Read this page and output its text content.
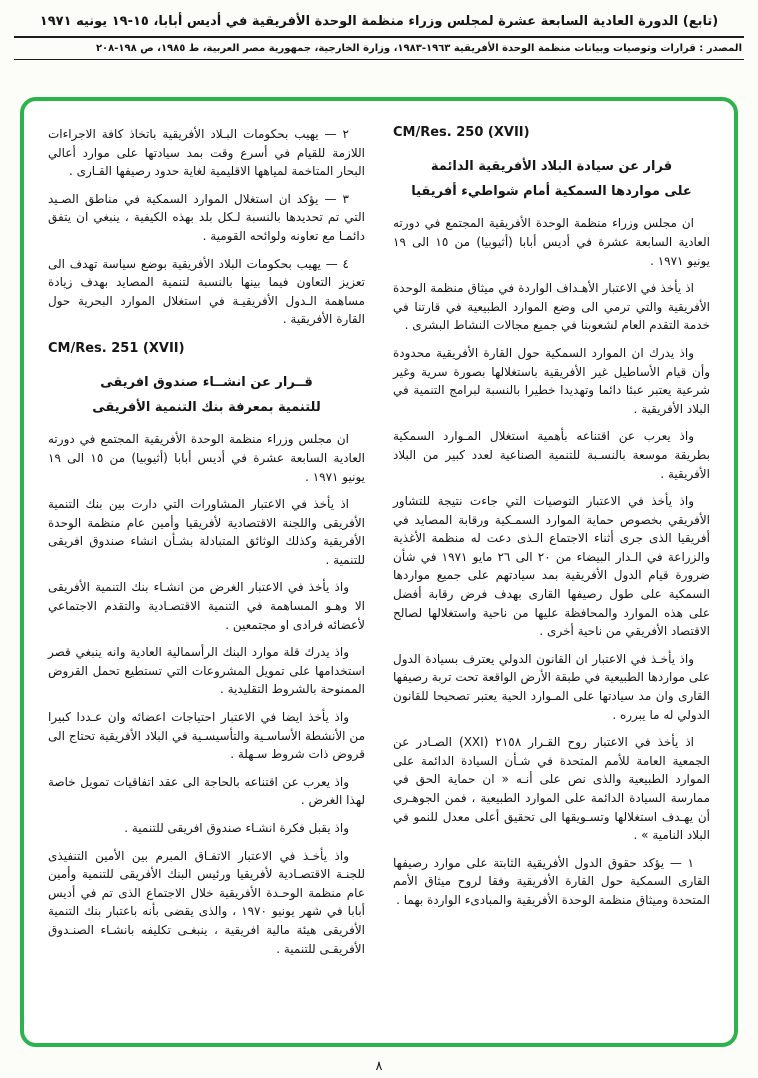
(تابع) الدورة العادية السابعة عشرة لمجلس وزراء منظمة الوحدة الأفريقية في أديس أبابا، ١٥-١٩ يونيه ١٩٧١
المصدر : قرارات وتوصيات وبيانات منظمة الوحدة الأفريقية ١٩٦٣-١٩٨٣، وزارة الخارجية، جمهورية مصر العربية، ط ١٩٨٥، ص ١٩٨-٢٠٨
CM/Res. 250 (XVII)
قرار عن سيادة البلاد الأفريقية الدائمة
على مواردها السمكية أمام شواطيء أفريقيا

ان مجلس وزراء منظمة الوحدة الأفريقية المجتمع في دورته العادية السابعة عشرة في أديس أبابا (أثيوبيا) من ١٥ الى ١٩ يونيو ١٩٧١ .

اذ يأخذ في الاعتبار الأهـداف الواردة في ميثاق منظمة الوحدة الأفريقية والتي ترمي الى وضع الموارد الطبيعية في قارتنا في خدمة التقدم العام لشعوبنا في جميع مجالات النشاط البشرى .

واذ يدرك ان الموارد السمكية حول القارة الأفريقية محدودة وأن قيام الأساطيل غير الأفريقية باستغلالها بصورة سرية وغير شرعية يعتبر عبئا دائما وتهديدا خطيرا بالنسبة لبرامج التنمية في البلاد الأفريقية .

واذ يعرب عن اقتناعه بأهمية استغلال المـوارد السمكية بطريقة موسعة بالنسـبة للتنمية الصناعية لعدد كبير من البلاد الأفريقية .

واذ يأخذ في الاعتبار التوصيات التي جاءت نتيجة للتشاور الأفريقي بخصوص حماية الموارد السمـكية ورقابة المصايد في أفريقيا الذى جرى أثناء الاجتماع الـذى دعت له منظمة الأغذية والزراعة في الـدار البيضاء من ٢٠ الى ٢٦ مايو ١٩٧١ في شأن ضرورة قيام الدول الأفريقية بمد سيادتهم على جميع مواردها السمكية على طول رصيفها القارى بهدف فرض رقابة أفضل على هذه الموارد والمحافظة عليها من ناحية واستغلالها لصالح الاقتصاد الأفريقي من ناحية أخرى .

واذ يأخـذ في الاعتبار ان القانون الدولي يعترف بسيادة الدول على مواردها الطبيعية في طبقة الأرض الواقعة تحت تربة رصيفها القارى وان مد سيادتها على المـوارد الحية يعتبر تصحيحا للقانون الدولي له ما يبرره .

اذ يأخذ في الاعتبار روح القـرار ٢١٥٨ (XXI) الصـادر عن الجمعية العامة للأمم المتحدة في شـأن السيادة الدائمة على الموارد الطبيعية والذى نص على أنـه « ان حماية الحق في ممارسة السيادة الدائمة على الموارد الطبيعية ، فمن الجوهـرى أن يهـدف استغلالها وتسـويقها الى تحقيق أعلى معدل للنمو في البلاد النامية » .

١ — يؤكد حقوق الدول الأفريقية الثابتة على موارد رصيفها القارى السمكية حول القارة الأفريقية وفقا لروح ميثاق الأمم المتحدة وميثاق منظمة الوحدة الأفريقية والمبادىء الواردة بهما .

٢ — يهيب بحكومات البـلاد الأفريقية باتخاذ كافة الاجراءات اللازمة للقيام في أسرع وقت بمد سيادتها على موارد أعالي البحار المتاخمة لمياهها الاقليمية لغاية حدود رصيفها القـارى .

٣ — يؤكد ان استغلال الموارد السمكية في مناطق الصـيد التي تم تحديدها بالنسبة لـكل بلد بهذه الكيفية ، ينبغي ان يتفق دائمـا مع تعاونه ولوائحه القومية .

٤ — يهيب بحكومات البلاد الأفريقية بوضع سياسة تهدف الى تعزيز التعاون فيما بينها بالنسبة لتنمية المصايد بهدف زيادة مساهمة الـدول الأفريقيـة في استغلال الموارد البحرية حول القارة الأفريقية .

CM/Res. 251 (XVII)
قــرار عن انشــاء صندوق افريقى
للتنمية بمعرفة بنك التنمية الأفريقى

ان مجلس وزراء منظمة الوحدة الأفريقية المجتمع في دورته العادية السابعة عشرة في أديس أبابا (أثيوبيا) من ١٥ الى ١٩ يونيو ١٩٧١ .

اذ يأخذ في الاعتبار المشاورات التي دارت بين بنك التنمية الأفريقى واللجنة الاقتصادية لأفريقيا وأمين عام منظمة الوحدة الأفريقية وكذلك الوثائق المتبادلة بشـأن انشاء صندوق افريقى للتنمية .

واذ يأخذ في الاعتبار الغرض من انشـاء بنك التنمية الأفريقى الا وهـو المساهمة في التنمية الاقتصـادية والتقدم الاجتماعي لأعضائه فرادى او مجتمعين .

واذ يدرك قلة موارد البنك الرأسمالية العادية وانه ينبغي قصر استخدامها على تمويل المشروعات التي تستطيع تحمل القروض الممنوحة بالشروط التقليدية .

واذ يأخذ ايضا في الاعتبار احتياجات اعضائه وان عـددا كبيرا من الأنشطة الأساسـية والتأسيسـية في البلاد الأفريقية تحتاج الى قروض ذات شروط سـهلة .

واذ يعرب عن اقتناعه بالحاجة الى عقد اتفاقيات تمويل خاصة لهذا الغرض .

واذ يقبل فكرة انشـاء صندوق افريقى للتنمية .

واذ يأخـذ في الاعتبار الاتفـاق المبرم بين الأمين التنفيذى للجنـة الاقتصـادية لأفريقيا ورئيس البنك الأفريقى للتنمية وأمين عام منظمة الوحـدة الأفريقية خلال الاجتماع الذى تم في أديس أبابا في شهر يونيو ١٩٧٠ ، والذى يقضى بأنه باعتبار بنك التنمية الأفريقى هيئة مالية افريقية ، ينبغـى تكليفه بانشـاء الصنـدوق الأفريقـى للتنمية .

٨
